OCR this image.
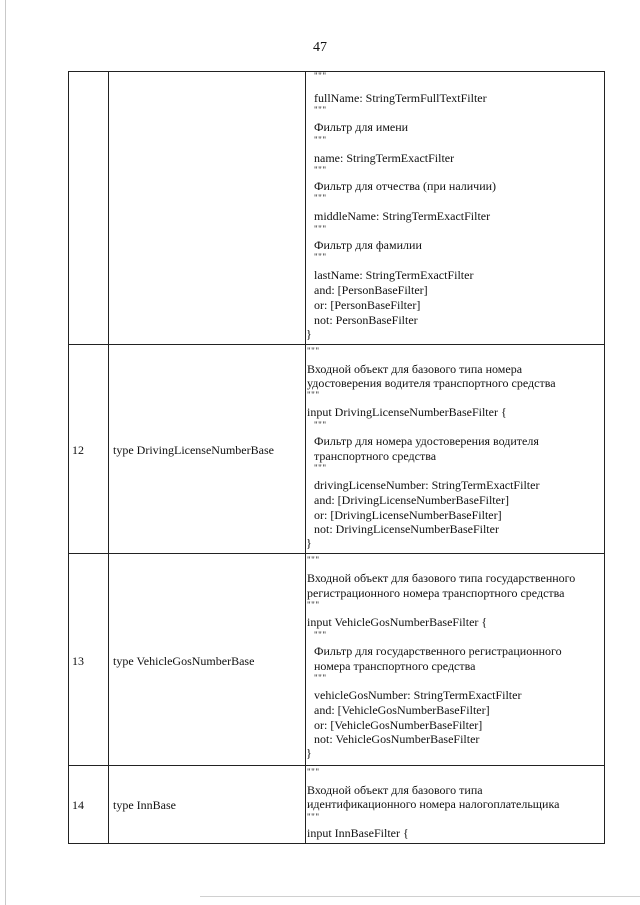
47
"""
fullName: StringTermFullTextFilter
"""
Фильтр для имени
"""
name: StringTermExactFilter
"""
Фильтр для отчества (при наличии)
"""
middleName: StringTermExactFilter
"""
Фильтр для фамилии
"""
lastName: StringTermExactFilter
and: [PersonBaseFilter]
or: [PersonBaseFilter]
not: PersonBaseFilter
}
12 type DrivingLicenseNumberBase
"""
Входной объект для базового типа номера
удостоверения водителя транспортного средства
"""
input DrivingLicenseNumberBaseFilter {
"""
Фильтр для номера удостоверения водителя
транспортного средства
"""
drivingLicenseNumber: StringTermExactFilter
and: [DrivingLicenseNumberBaseFilter]
or: [DrivingLicenseNumberBaseFilter]
not: DrivingLicenseNumberBaseFilter
}
13 type VehicleGosNumberBase
"""
Входной объект для базового типа государственного
регистрационного номера транспортного средства
"""
input VehicleGosNumberBaseFilter {
"""
Фильтр для государственного регистрационного
номера транспортного средства
"""
vehicleGosNumber: StringTermExactFilter
and: [VehicleGosNumberBaseFilter]
or: [VehicleGosNumberBaseFilter]
not: VehicleGosNumberBaseFilter
}
14 type InnBase
"""
Входной объект для базового типа
идентификационного номера налогоплательщика
"""
input InnBaseFilter {
